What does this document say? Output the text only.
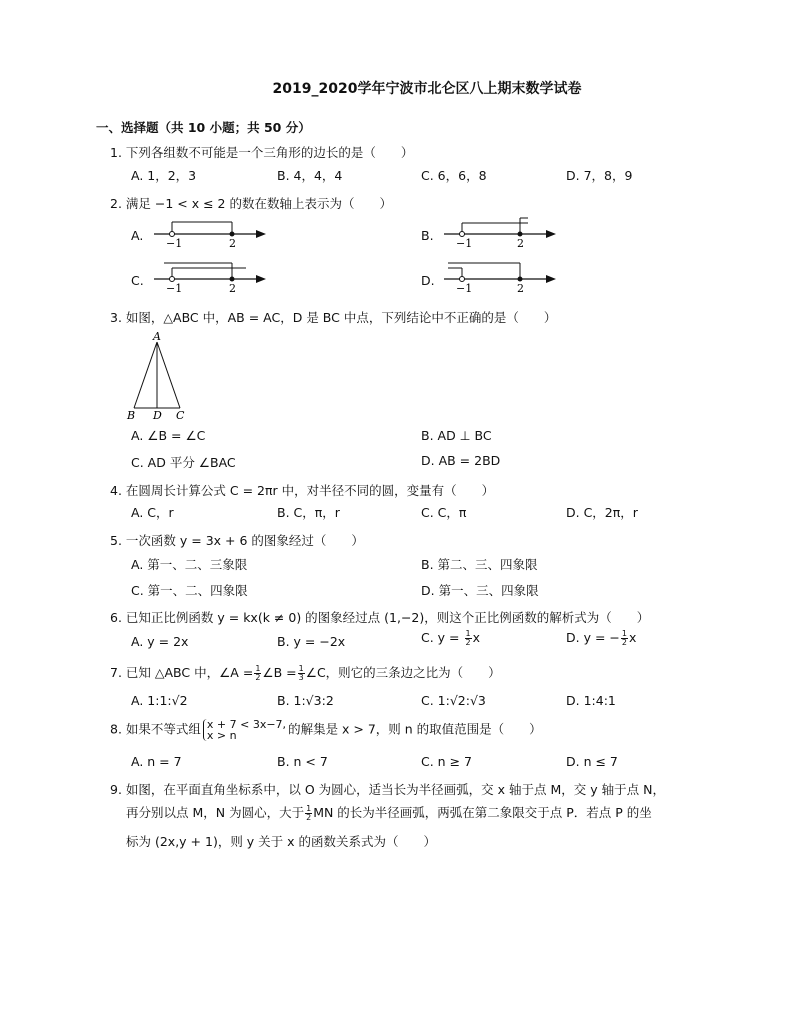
2019_2020学年宁波市北仑区八上期末数学试卷
一、选择题（共 10 小题；共 50 分）
1. 下列各组数不可能是一个三角形的边长的是（　　）
A. 1，2，3	B. 4，4，4	C. 6，6，8	D. 7，8，9
2. 满足 −1 < x ≤ 2 的数在数轴上表示为（　　）
A.	B.
C.	D.
−1	2	−1	2
−1	2	−1	2
3. 如图，△ABC 中，AB = AC，D 是 BC 中点，下列结论中不正确的是（　　）
A
B D C
A. ∠B = ∠C	B. AD ⊥ BC
C. AD 平分 ∠BAC	D. AB = 2BD
4. 在圆周长计算公式 C = 2πr 中，对半径不同的圆，变量有（　　）
A. C，r	B. C，π，r	C. C，π	D. C，2π，r
5. 一次函数 y = 3x + 6 的图象经过（　　）
A. 第一、二、三象限	B. 第二、三、四象限
C. 第一、二、四象限	D. 第一、三、四象限
6. 已知正比例函数 y = kx(k ≠ 0) 的图象经过点 (1,−2)，则这个正比例函数的解析式为（　　）
A. y = 2x	B. y = −2x	C. $y = \frac{1}{2}$ x	D. y = − $\frac{1}{2}$ x
7. 已知 △ABC 中，∠A = $\frac{1}{2}$ ∠B = $\frac{1}{3}$ ∠C，则它的三条边之比为（　　）
A. 1:1:√2	B. 1:√3:2	C. 1:√2:√3	D. 1:4:1
8. 如果不等式组 x + 7 < 3x−7,
x > n	的解集是 x > 7，则 n 的取值范围是（　　）
A. n = 7	B. n < 7	C. n ≥ 7	D. n ≤ 7
9. 如图，在平面直角坐标系中，以 O 为圆心，适当长为半径画弧，交 x 轴于点 M，交 y 轴于点 N，
再分别以点 M，N 为圆心，大于 $\frac{1}{2}$ MN 的长为半径画弧，两弧在第二象限交于点 P．若点 P 的坐
标为 (2x,y + 1)，则 y 关于 x 的函数关系式为（　　）
